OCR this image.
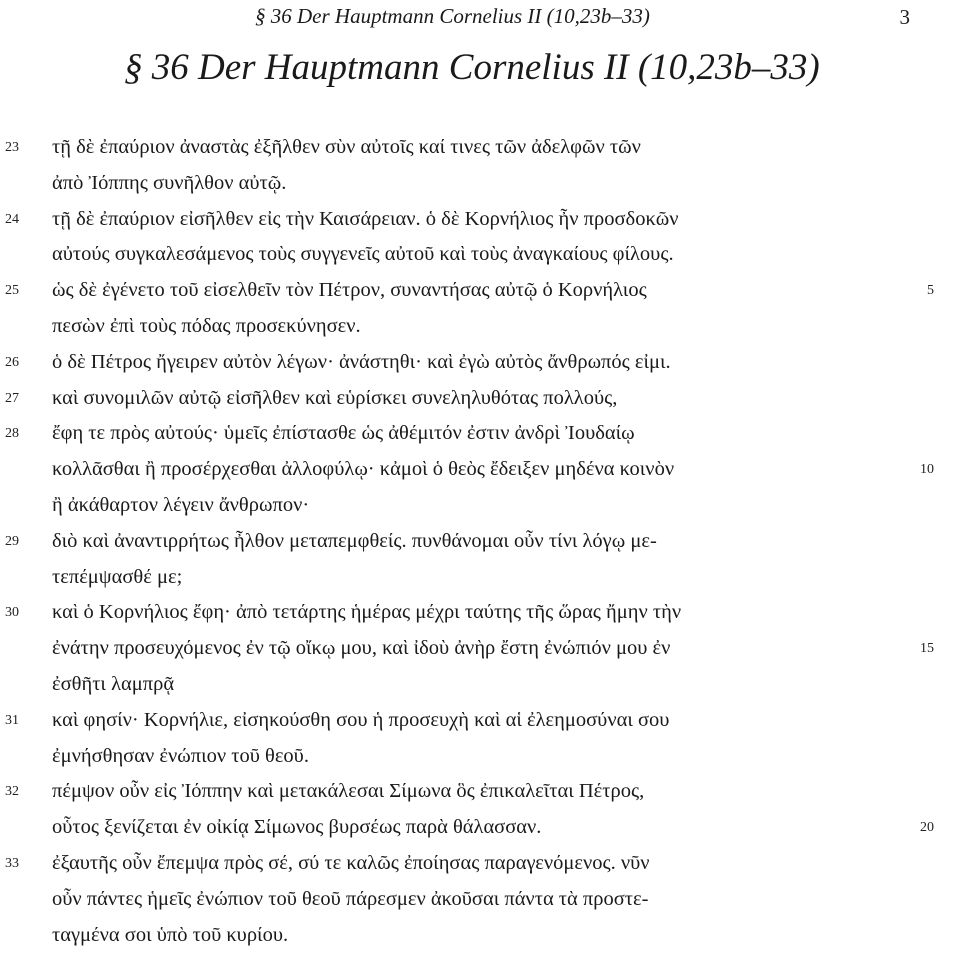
§ 36 Der Hauptmann Cornelius II (10,23b–33)	3
§ 36 Der Hauptmann Cornelius II (10,23b–33)
23 τῇ δὲ ἐπαύριον ἀναστὰς ἐξῆλθεν σὺν αὐτοῖς καί τινες τῶν ἀδελφῶν τῶν
ἀπὸ Ἰόππης συνῆλθον αὐτῷ.
24 τῇ δὲ ἐπαύριον εἰσῆλθεν εἰς τὴν Καισάρειαν. ὁ δὲ Κορνήλιος ἦν προσδοκῶν
αὐτούς συγκαλεσάμενος τοὺς συγγενεῖς αὐτοῦ καὶ τοὺς ἀναγκαίους φίλους.
25 ὡς δὲ ἐγένετο τοῦ εἰσελθεῖν τὸν Πέτρον, συναντήσας αὐτῷ ὁ Κορνήλιος	5
πεσὼν ἐπὶ τοὺς πόδας προσεκύνησεν.
26 ὁ δὲ Πέτρος ἤγειρεν αὐτὸν λέγων· ἀνάστηθι· καὶ ἐγὼ αὐτὸς ἄνθρωπός εἰμι.
27 καὶ συνομιλῶν αὐτῷ εἰσῆλθεν καὶ εὑρίσκει συνεληλυθότας πολλούς,
28 ἔφη τε πρὸς αὐτούς· ὑμεῖς ἐπίστασθε ὡς ἀθέμιτόν ἐστιν ἀνδρὶ Ἰουδαίῳ
κολλᾶσθαι ἢ προσέρχεσθαι ἀλλοφύλῳ· κἀμοὶ ὁ θεὸς ἔδειξεν μηδένα κοινὸν	10
ἢ ἀκάθαρτον λέγειν ἄνθρωπον·
29 διὸ καὶ ἀναντιρρήτως ἦλθον μεταπεμφθείς. πυνθάνομαι οὖν τίνι λόγῳ με-
τεπέμψασθέ με;
30 καὶ ὁ Κορνήλιος ἔφη· ἀπὸ τετάρτης ἡμέρας μέχρι ταύτης τῆς ὥρας ἤμην τὴν
ἐνάτην προσευχόμενος ἐν τῷ οἴκῳ μου, καὶ ἰδοὺ ἀνὴρ ἔστη ἐνώπιόν μου ἐν	15
ἐσθῆτι λαμπρᾷ
31 καὶ φησίν· Κορνήλιε, εἰσηκούσθη σου ἡ προσευχὴ καὶ αἱ ἐλεημοσύναι σου
ἐμνήσθησαν ἐνώπιον τοῦ θεοῦ.
32 πέμψον οὖν εἰς Ἰόππην καὶ μετακάλεσαι Σίμωνα ὃς ἐπικαλεῖται Πέτρος,
οὗτος ξενίζεται ἐν οἰκίᾳ Σίμωνος βυρσέως παρὰ θάλασσαν.	20
33 ἐξαυτῆς οὖν ἔπεμψα πρὸς σέ, σύ τε καλῶς ἐποίησας παραγενόμενος. νῦν
οὖν πάντες ἡμεῖς ἐνώπιον τοῦ θεοῦ πάρεσμεν ἀκοῦσαι πάντα τὰ προστε-
ταγμένα σοι ὑπὸ τοῦ κυρίου.
